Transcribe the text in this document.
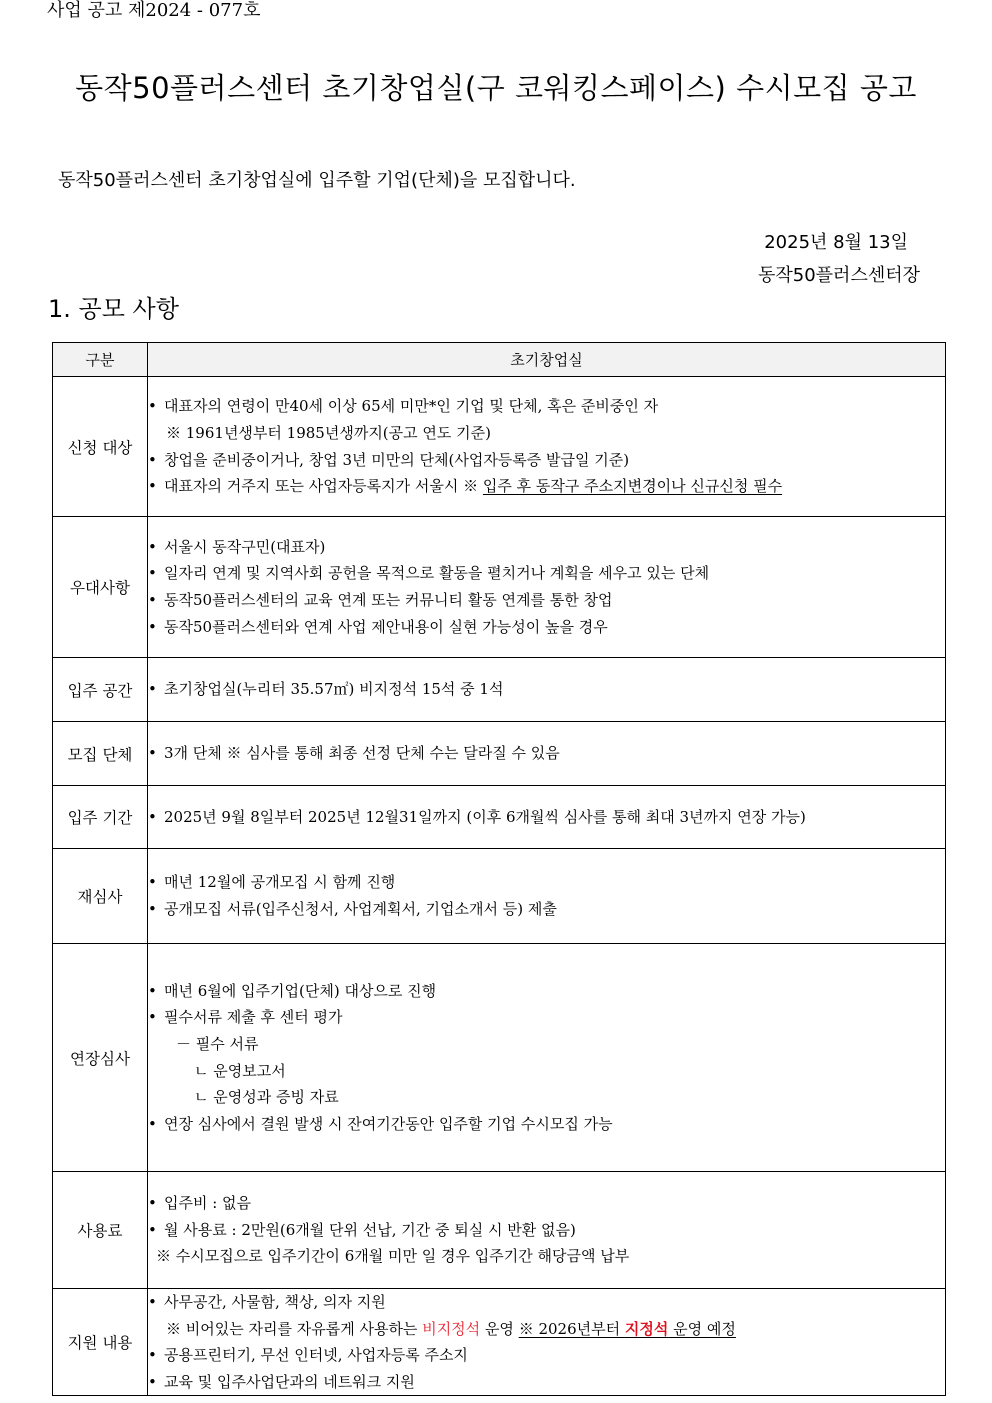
사업 공고 제2024 - 077호
동작50플러스센터 초기창업실(구 코워킹스페이스) 수시모집 공고
동작50플러스센터 초기창업실에 입주할 기업(단체)을 모집합니다.
2025년 8월 13일
동작50플러스센터장
1. 공모 사항
구분	초기창업실
신청 대상	• 대표자의 연령이 만40세 이상 65세 미만*인 기업 및 단체, 혹은 준비중인 자
※ 1961년생부터 1985년생까지(공고 연도 기준)
• 창업을 준비중이거나, 창업 3년 미만의 단체(사업자등록증 발급일 기준)
• 대표자의 거주지 또는 사업자등록지가 서울시 ※ 입주 후 동작구 주소지변경이나 신규신청 필수

우대사항	• 서울시 동작구민(대표자)
• 일자리 연계 및 지역사회 공헌을 목적으로 활동을 펼치거나 계획을 세우고 있는 단체
• 동작50플러스센터의 교육 연계 또는 커뮤니티 활동 연계를 통한 창업
• 동작50플러스센터와 연계 사업 제안내용이 실현 가능성이 높을 경우

입주 공간	• 초기창업실(누리터 35.57㎡) 비지정석 15석 중 1석

모집 단체	• 3개 단체 ※ 심사를 통해 최종 선정 단체 수는 달라질 수 있음

입주 기간	• 2025년 9월 8일부터 2025년 12월31일까지 (이후 6개월씩 심사를 통해 최대 3년까지 연장 가능)

재심사	• 매년 12월에 공개모집 시 함께 진행
• 공개모집 서류(입주신청서, 사업계획서, 기업소개서 등) 제출

연장심사	
• 매년 6월에 입주기업(단체) 대상으로 진행
• 필수서류 제출 후 센터 평가
－ 필수 서류
ㄴ 운영보고서
ㄴ 운영성과 증빙 자료
• 연장 심사에서 결원 발생 시 잔여기간동안 입주할 기업 수시모집 가능

사용료	• 입주비 : 없음
• 월 사용료 : 2만원(6개월 단위 선납, 기간 중 퇴실 시 반환 없음)
※ 수시모집으로 입주기간이 6개월 미만 일 경우 입주기간 해당금액 납부

지원 내용	• 사무공간, 사물함, 책상, 의자 지원
※ 비어있는 자리를 자유롭게 사용하는 비지정석 운영 ※ 2026년부터 지정석 운영 예정
• 공용프린터기, 무선 인터넷, 사업자등록 주소지
• 교육 및 입주사업단과의 네트워크 지원
